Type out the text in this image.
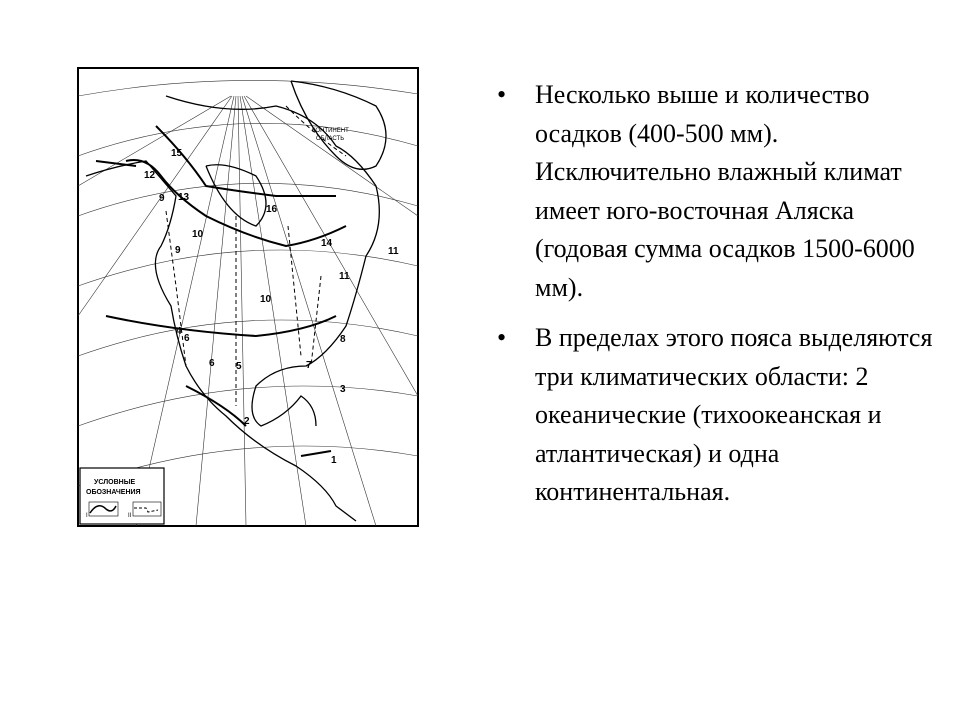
15
12
9 13
16
10
9
14
11
11
10
4
6
6 5	7
8
3
2
1
КОНТИНЕНТ
ОБЛАСТЬ
УСЛОВНЫЕ
ОБОЗНАЧЕНИЯ
I	II
• Несколько выше и количество осадков (400-500 мм). Исключительно влажный климат имеет юго-восточная Аляска (годовая сумма осадков 1500-6000 мм).
• В пределах этого пояса выделяются три климатических области: 2 океанические (тихоокеанская и атлантическая) и одна континентальная.
